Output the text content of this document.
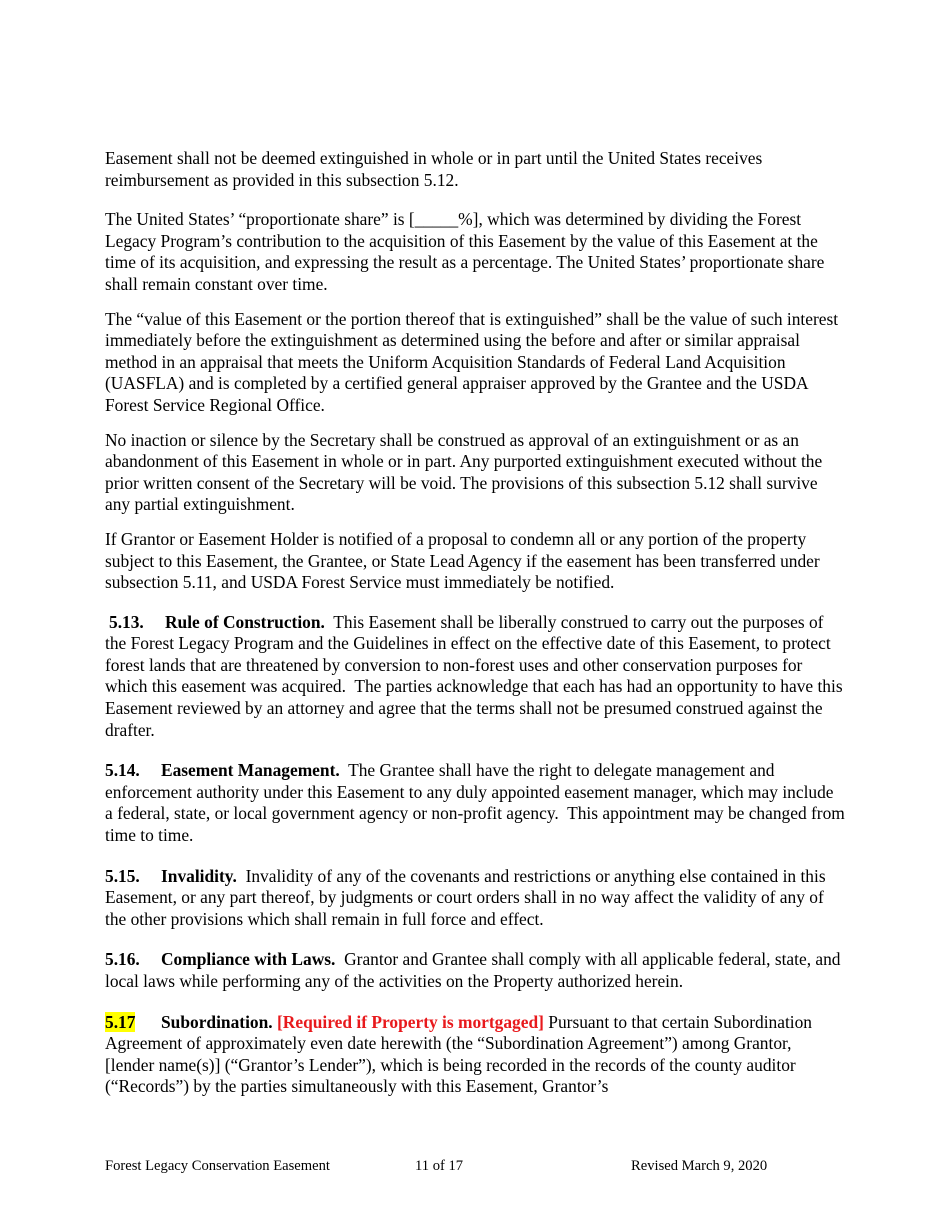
Easement shall not be deemed extinguished in whole or in part until the United States receives reimbursement as provided in this subsection 5.12.

The United States’ “proportionate share” is [_____%], which was determined by dividing the Forest Legacy Program’s contribution to the acquisition of this Easement by the value of this Easement at the time of its acquisition, and expressing the result as a percentage. The United States’ proportionate share shall remain constant over time.

The “value of this Easement or the portion thereof that is extinguished” shall be the value of such interest immediately before the extinguishment as determined using the before and after or similar appraisal method in an appraisal that meets the Uniform Acquisition Standards of Federal Land Acquisition (UASFLA) and is completed by a certified general appraiser approved by the Grantee and the USDA Forest Service Regional Office.

No inaction or silence by the Secretary shall be construed as approval of an extinguishment or as an abandonment of this Easement in whole or in part. Any purported extinguishment executed without the prior written consent of the Secretary will be void. The provisions of this subsection 5.12 shall survive any partial extinguishment.

If Grantor or Easement Holder is notified of a proposal to condemn all or any portion of the property subject to this Easement, the Grantee, or State Lead Agency if the easement has been transferred under subsection 5.11, and USDA Forest Service must immediately be notified.

5.13. Rule of Construction.  This Easement shall be liberally construed to carry out the purposes of the Forest Legacy Program and the Guidelines in effect on the effective date of this Easement, to protect forest lands that are threatened by conversion to non-forest uses and other conservation purposes for which this easement was acquired.  The parties acknowledge that each has had an opportunity to have this Easement reviewed by an attorney and agree that the terms shall not be presumed construed against the drafter.

5.14. Easement Management.  The Grantee shall have the right to delegate management and enforcement authority under this Easement to any duly appointed easement manager, which may include a federal, state, or local government agency or non-profit agency.  This appointment may be changed from time to time.

5.15. Invalidity.  Invalidity of any of the covenants and restrictions or anything else contained in this Easement, or any part thereof, by judgments or court orders shall in no way affect the validity of any of the other provisions which shall remain in full force and effect.

5.16. Compliance with Laws.  Grantor and Grantee shall comply with all applicable federal, state, and local laws while performing any of the activities on the Property authorized herein.

5.17 Subordination. [Required if Property is mortgaged] Pursuant to that certain Subordination Agreement of approximately even date herewith (the “Subordination Agreement”) among Grantor, [lender name(s)] (“Grantor’s Lender”), which is being recorded in the records of the county auditor (“Records”) by the parties simultaneously with this Easement, Grantor’s

Forest Legacy Conservation Easement	11 of 17	Revised March 9, 2020
